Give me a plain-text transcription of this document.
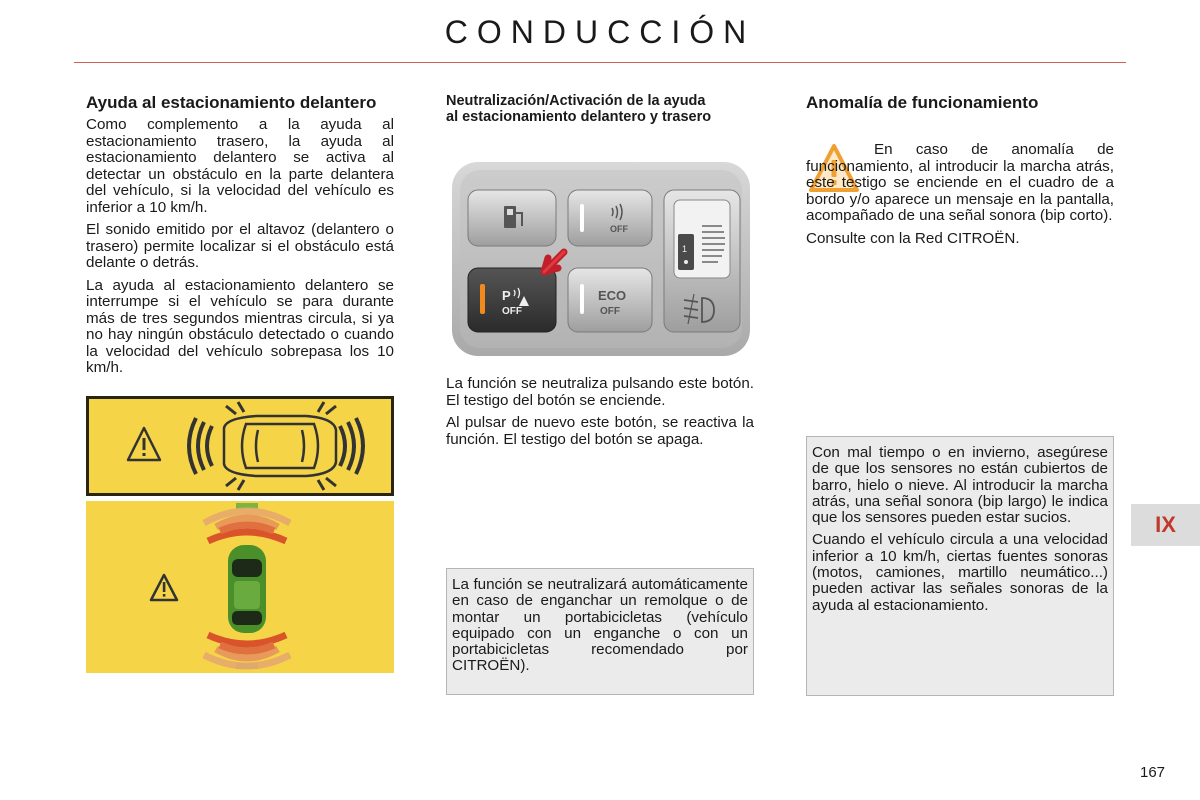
CONDUCCIÓN
Ayuda al estacionamiento delantero

Como complemento a la ayuda al estacionamiento trasero, la ayuda al estacionamiento delantero se activa al detectar un obstáculo en la parte delantera del vehículo, si la velocidad del vehículo es inferior a 10 km/h.

El sonido emitido por el altavoz (delantero o trasero) permite localizar si el obstáculo está delante o detrás.

La ayuda al estacionamiento delantero se interrumpe si el vehículo se para durante más de tres segundos mientras circula, si ya no hay ningún obstáculo detectado o cuando la velocidad del vehículo sobrepasa los 10 km/h.

Neutralización/Activación de la ayuda al estacionamiento delantero y trasero
OFF
P
OFF
ECO
OFF
1

La función se neutraliza pulsando este botón. El testigo del botón se enciende.

Al pulsar de nuevo este botón, se reactiva la función. El testigo del botón se apaga.

La función se neutralizará automáticamente en caso de enganchar un remolque o de montar un portabicicletas (vehículo equipado con un enganche o con un portabicicletas recomendado por CITROËN).

Anomalía de funcionamiento

En caso de anomalía de funcionamiento, al introducir la marcha atrás, este testigo se enciende en el cuadro de a bordo y/o aparece un mensaje en la pantalla, acompañado de una señal sonora (bip corto).

Consulte con la Red CITROËN.

Con mal tiempo o en invierno, asegúrese de que los sensores no están cubiertos de barro, hielo o nieve. Al introducir la marcha atrás, una señal sonora (bip largo) le indica que los sensores pueden estar sucios.

Cuando el vehículo circula a una velocidad inferior a 10 km/h, ciertas fuentes sonoras (motos, camiones, martillo neumático...) pueden activar las señales sonoras de la ayuda al estacionamiento.

IX
167
